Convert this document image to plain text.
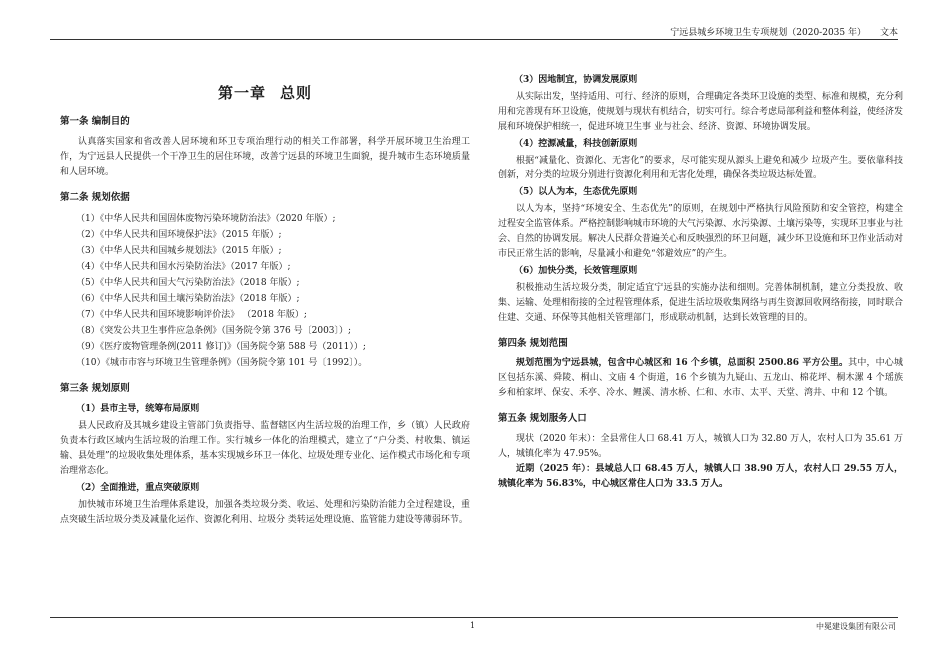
宁远县城乡环境卫生专项规划（2020-2035 年） 文本
第一章 总则
第一条 编制目的
认真落实国家和省改善人居环境和环卫专项治理行动的相关工作部署，科学开展环境卫生治理工作，为宁远县人民提供一个干净卫生的居住环境，改善宁远县的环境卫生面貌，提升城市生态环境质量和人居环境。
第二条 规划依据
（1）《中华人民共和国固体废物污染环境防治法》（2020 年版）;
（2）《中华人民共和国环境保护法》（2015 年版）;
（3）《中华人民共和国城乡规划法》（2015 年版）;
（4）《中华人民共和国水污染防治法》（2017 年版）;
（5）《中华人民共和国大气污染防治法》（2018 年版）;
（6）《中华人民共和国土壤污染防治法》（2018 年版）;
（7）《中华人民共和国环境影响评价法》 （2018 年版）;
（8）《突发公共卫生事件应急条例》（国务院令第 376 号〔2003〕）;
（9）《医疗废物管理条例(2011 修订)》（国务院令第 588 号（2011））;
（10）《城市市容与环境卫生管理条例》（国务院令第 101 号〔1992〕）。
第三条 规划原则
（1）县市主导，统筹布局原则
县人民政府及其城乡建设主管部门负责指导、监督辖区内生活垃圾的治理工作，乡（镇）人民政府负责本行政区域内生活垃圾的治理工作。实行城乡一体化的治理模式，建立了“户分类、村收集、镇运输、县处理”的垃圾收集处理体系，基本实现城乡环卫一体化、垃圾处理专业化、运作模式市场化和专项治理常态化。
（2）全面推进，重点突破原则
加快城市环境卫生治理体系建设，加强各类垃圾分类、收运、处理和污染防治能力全过程建设，重点突破生活垃圾分类及减量化运作、资源化利用、垃圾分 类转运处理设施、监管能力建设等薄弱环节。
（3）因地制宜，协调发展原则
从实际出发，坚持适用、可行、经济的原则，合理确定各类环卫设施的类型、标准和规模，充分利用和完善现有环卫设施，使规划与现状有机结合，切实可行。综合考虑局部利益和整体利益，使经济发展和环境保护相统一，促进环境卫生事 业与社会、经济、资源、环境协调发展。
（4）控源减量，科技创新原则
根据“减量化、资源化、无害化”的要求，尽可能实现从源头上避免和减少 垃圾产生。要依靠科技创新，对分类的垃圾分别进行资源化利用和无害化处理，确保各类垃圾达标处置。
（5）以人为本，生态优先原则
以人为本，坚持“环境安全、生态优先”的原则，在规划中严格执行风险预防和安全管控，构建全过程安全监管体系。严格控制影响城市环境的大气污染源、水污染源、土壤污染等，实现环卫事业与社会、自然的协调发展。解决人民群众普遍关心和反映强烈的环卫问题，减少环卫设施和环卫作业活动对市民正常生活的影响，尽量减小和避免“邻避效应”的产生。
（6）加快分类，长效管理原则
积极推动生活垃圾分类，制定适宜宁远县的实施办法和细则。完善体制机制，建立分类投放、收集、运输、处理相衔接的全过程管理体系，促进生活垃圾收集网络与再生资源回收网络衔接，同时联合住建、交通、环保等其他相关管理部门，形成联动机制，达到长效管理的目的。
第四条 规划范围
规划范围为宁远县城，包含中心城区和 16 个乡镇，总面积 2500.86 平方公里。其中，中心城区包括东溪、舜陵、桐山、文庙 4 个街道，16 个乡镇为九疑山、五龙山、棉花坪、桐木漯 4 个瑶族乡和柏家坪、保安、禾亭、冷水、鲤溪、清水桥、仁和、水市、太平、天堂、湾井、中和 12 个镇。
第五条 规划服务人口
现状（2020 年末）：全县常住人口 68.41 万人，城镇人口为 32.80 万人，农村人口为 35.61 万人，城镇化率为 47.95%。
近期（2025 年）：县域总人口 68.45 万人，城镇人口 38.90 万人，农村人口 29.55 万人，城镇化率为 56.83%，中心城区常住人口为 33.5 万人。
1	中冕建设集团有限公司
